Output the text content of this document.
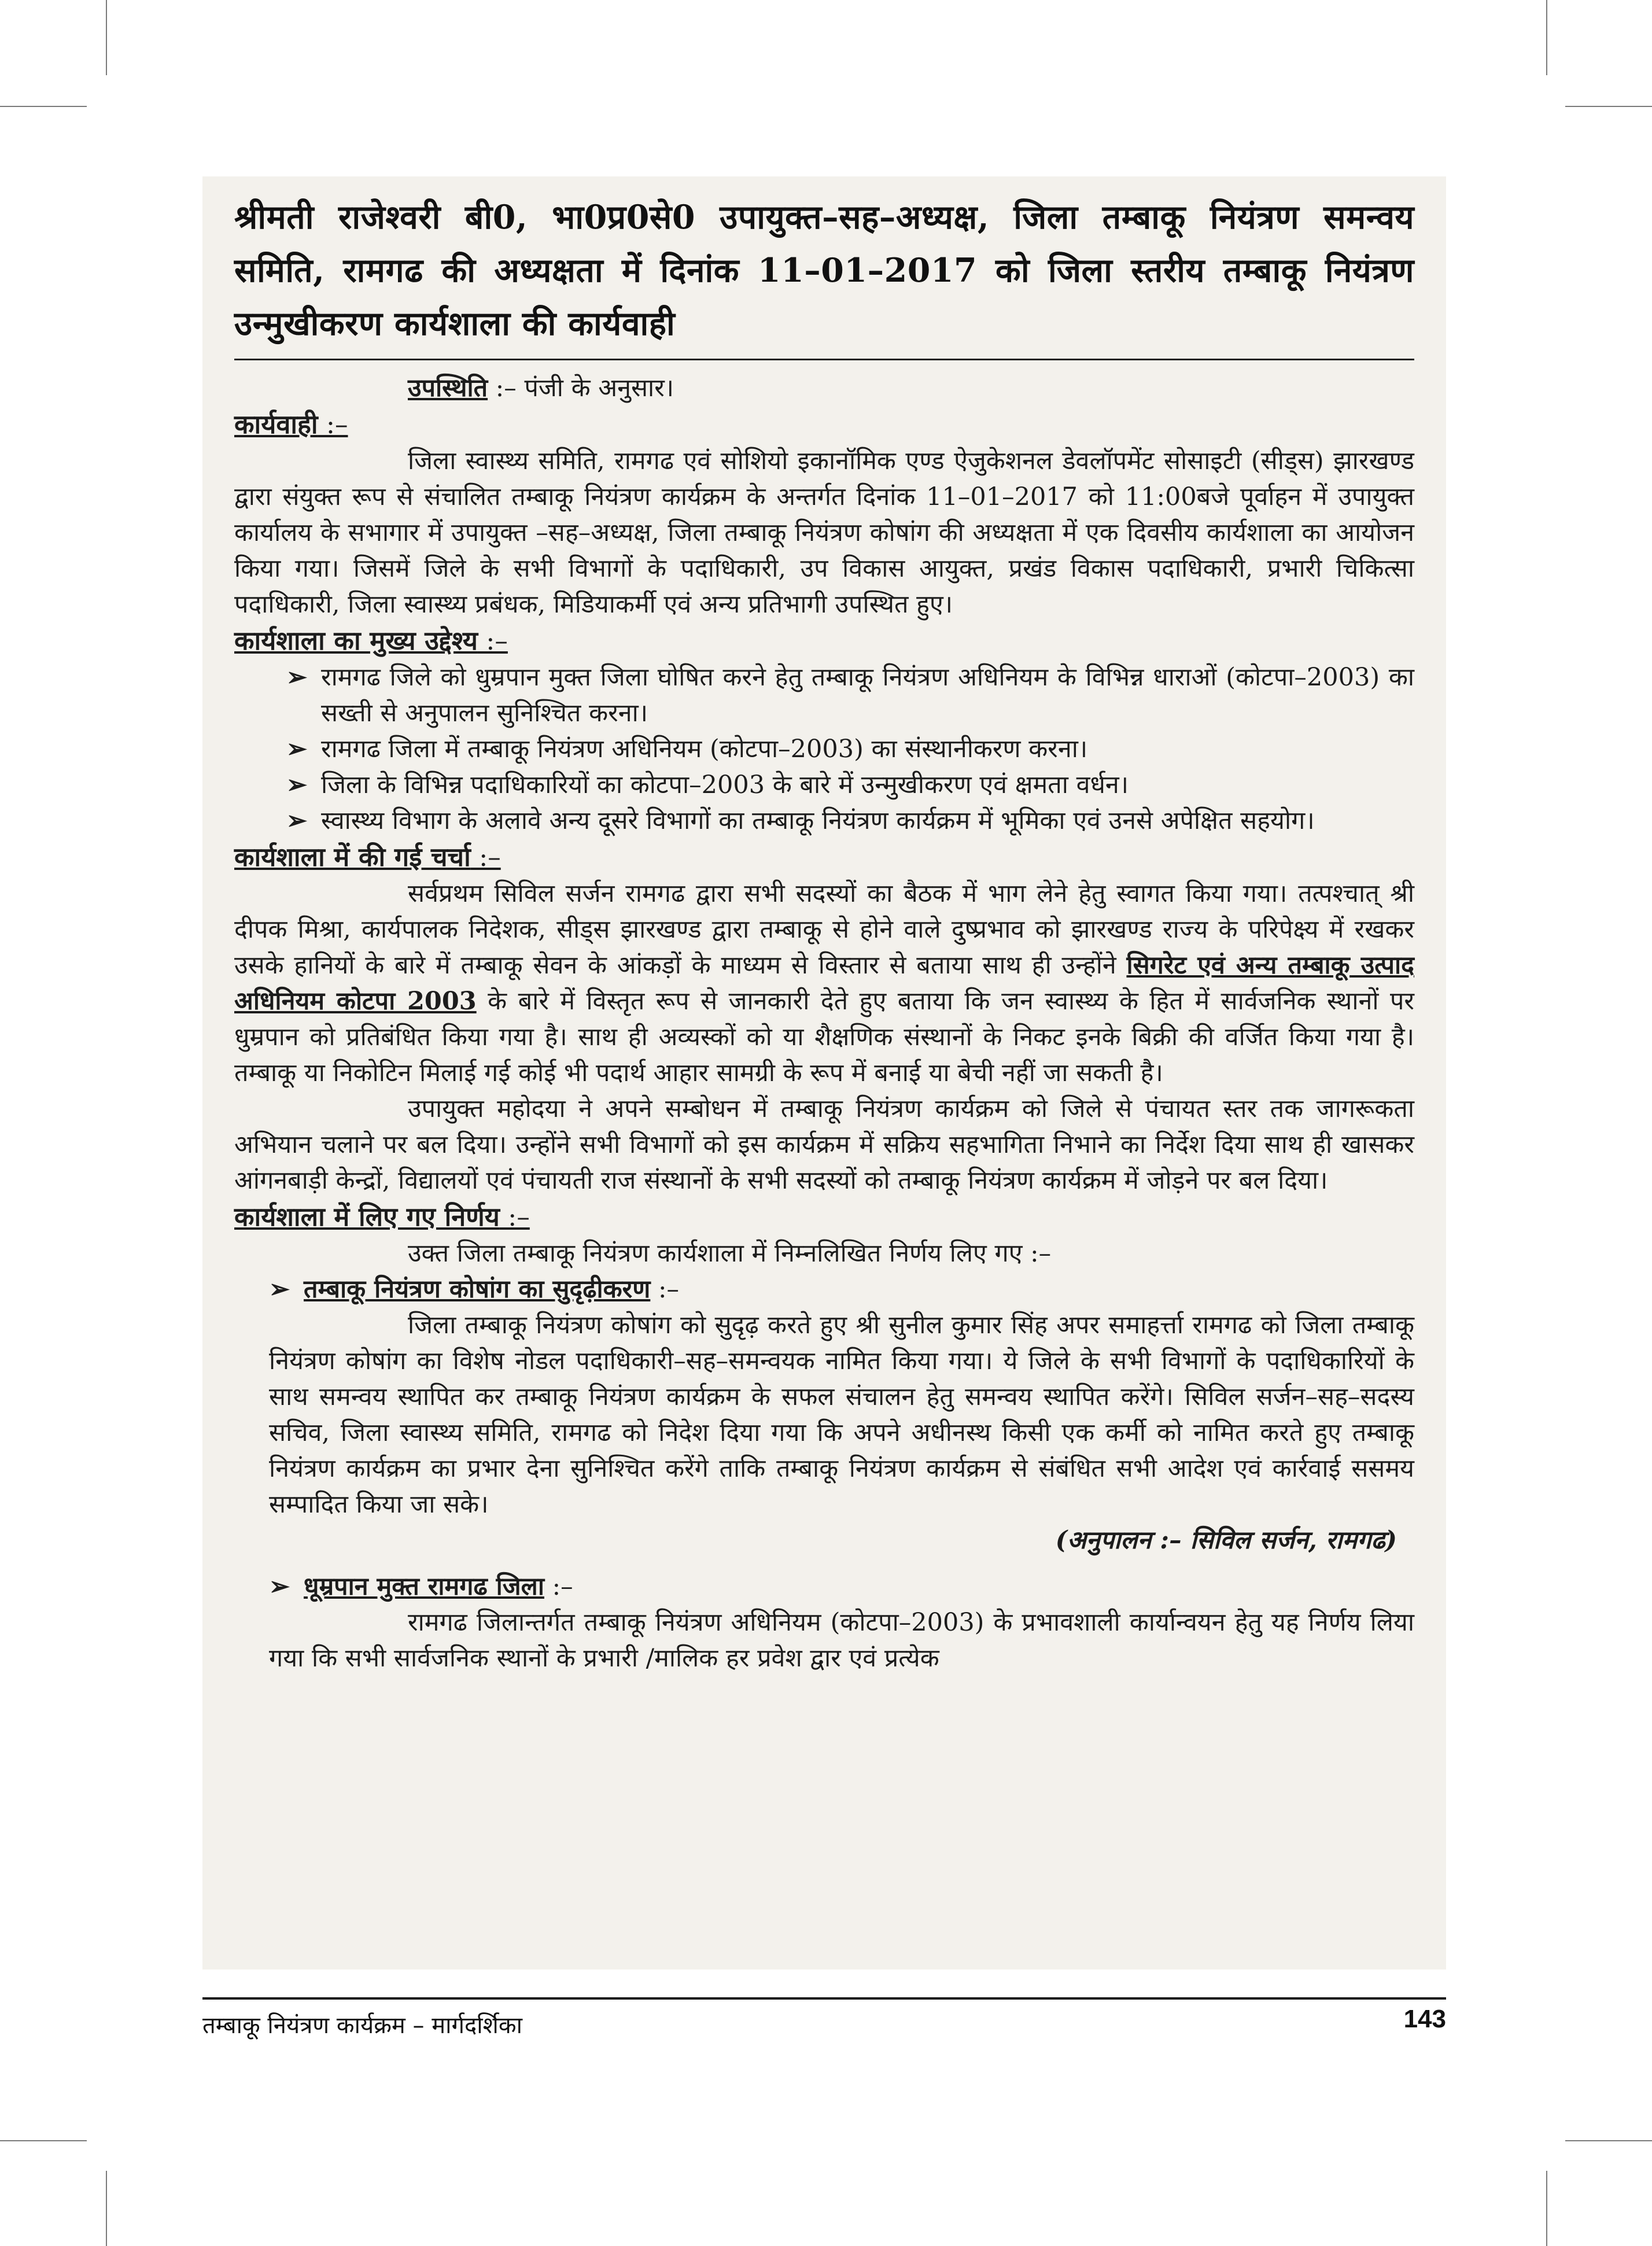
श्रीमती राजेश्वरी बी0, भा0प्र0से0 उपायुक्त–सह–अध्यक्ष, जिला तम्बाकू नियंत्रण समन्वय समिति, रामगढ की अध्यक्षता में दिनांक 11–01–2017 को जिला स्तरीय तम्बाकू नियंत्रण उन्मुखीकरण कार्यशाला की कार्यवाही

उपस्थिति :– पंजी के अनुसार।

कार्यवाही :–

जिला स्वास्थ्य समिति, रामगढ एवं सोशियो इकानॉमिक एण्ड ऐजुकेशनल डेवलॉपमेंट सोसाइटी (सीड्स) झारखण्ड द्वारा संयुक्त रूप से संचालित तम्बाकू नियंत्रण कार्यक्रम के अन्तर्गत दिनांक 11–01–2017 को 11:00बजे पूर्वाहन में उपायुक्त कार्यालय के सभागार में उपायुक्त –सह–अध्यक्ष, जिला तम्बाकू नियंत्रण कोषांग की अध्यक्षता में एक दिवसीय कार्यशाला का आयोजन किया गया। जिसमें जिले के सभी विभागों के पदाधिकारी, उप विकास आयुक्त, प्रखंड विकास पदाधिकारी, प्रभारी चिकित्सा पदाधिकारी, जिला स्वास्थ्य प्रबंधक, मिडियाकर्मी एवं अन्य प्रतिभागी उपस्थित हुए।

कार्यशाला का मुख्य उद्देश्य :–

➢ रामगढ जिले को धुम्रपान मुक्त जिला घोषित करने हेतु तम्बाकू नियंत्रण अधिनियम के विभिन्न धाराओं (कोटपा–2003) का सख्ती से अनुपालन सुनिश्चित करना।
➢ रामगढ जिला में तम्बाकू नियंत्रण अधिनियम (कोटपा–2003) का संस्थानीकरण करना।
➢ जिला के विभिन्न पदाधिकारियों का कोटपा–2003 के बारे में उन्मुखीकरण एवं क्षमता वर्धन।
➢ स्वास्थ्य विभाग के अलावे अन्य दूसरे विभागों का तम्बाकू नियंत्रण कार्यक्रम में भूमिका एवं उनसे अपेक्षित सहयोग।

कार्यशाला में की गई चर्चा :–

सर्वप्रथम सिविल सर्जन रामगढ द्वारा सभी सदस्यों का बैठक में भाग लेने हेतु स्वागत किया गया। तत्पश्चात् श्री दीपक मिश्रा, कार्यपालक निदेशक, सीड्स झारखण्ड द्वारा तम्बाकू से होने वाले दुष्प्रभाव को झारखण्ड राज्य के परिपेक्ष्य में रखकर उसके हानियों के बारे में तम्बाकू सेवन के आंकड़ों के माध्यम से विस्तार से बताया साथ ही उन्होंने सिगरेट एवं अन्य तम्बाकू उत्पाद अधिनियम कोटपा 2003 के बारे में विस्तृत रूप से जानकारी देते हुए बताया कि जन स्वास्थ्य के हित में सार्वजनिक स्थानों पर धुम्रपान को प्रतिबंधित किया गया है। साथ ही अव्यस्कों को या शैक्षणिक संस्थानों के निकट इनके बिक्री की वर्जित किया गया है। तम्बाकू या निकोटिन मिलाई गई कोई भी पदार्थ आहार सामग्री के रूप में बनाई या बेची नहीं जा सकती है।

उपायुक्त महोदया ने अपने सम्बोधन में तम्बाकू नियंत्रण कार्यक्रम को जिले से पंचायत स्तर तक जागरूकता अभियान चलाने पर बल दिया। उन्होंने सभी विभागों को इस कार्यक्रम में सक्रिय सहभागिता निभाने का निर्देश दिया साथ ही खासकर आंगनबाड़ी केन्द्रों, विद्यालयों एवं पंचायती राज संस्थानों के सभी सदस्यों को तम्बाकू नियंत्रण कार्यक्रम में जोड़ने पर बल दिया।

कार्यशाला में लिए गए निर्णय :–

उक्त जिला तम्बाकू नियंत्रण कार्यशाला में निम्नलिखित निर्णय लिए गए :–

➢ तम्बाकू नियंत्रण कोषांग का सुदृढ़ीकरण :–

जिला तम्बाकू नियंत्रण कोषांग को सुदृढ़ करते हुए श्री सुनील कुमार सिंह अपर समाहर्त्ता रामगढ को जिला तम्बाकू नियंत्रण कोषांग का विशेष नोडल पदाधिकारी–सह–समन्वयक नामित किया गया। ये जिले के सभी विभागों के पदाधिकारियों के साथ समन्वय स्थापित कर तम्बाकू नियंत्रण कार्यक्रम के सफल संचालन हेतु समन्वय स्थापित करेंगे। सिविल सर्जन–सह–सदस्य सचिव, जिला स्वास्थ्य समिति, रामगढ को निदेश दिया गया कि अपने अधीनस्थ किसी एक कर्मी को नामित करते हुए तम्बाकू नियंत्रण कार्यक्रम का प्रभार देना सुनिश्चित करेंगे ताकि तम्बाकू नियंत्रण कार्यक्रम से संबंधित सभी आदेश एवं कार्रवाई ससमय सम्पादित किया जा सके।

(अनुपालन :– सिविल सर्जन, रामगढ)

➢ धूम्रपान मुक्त रामगढ जिला :–

रामगढ जिलान्तर्गत तम्बाकू नियंत्रण अधिनियम (कोटपा–2003) के प्रभावशाली कार्यान्वयन हेतु यह निर्णय लिया गया कि सभी सार्वजनिक स्थानों के प्रभारी /मालिक हर प्रवेश द्वार एवं प्रत्येक

तम्बाकू नियंत्रण कार्यक्रम – मार्गदर्शिका	143
